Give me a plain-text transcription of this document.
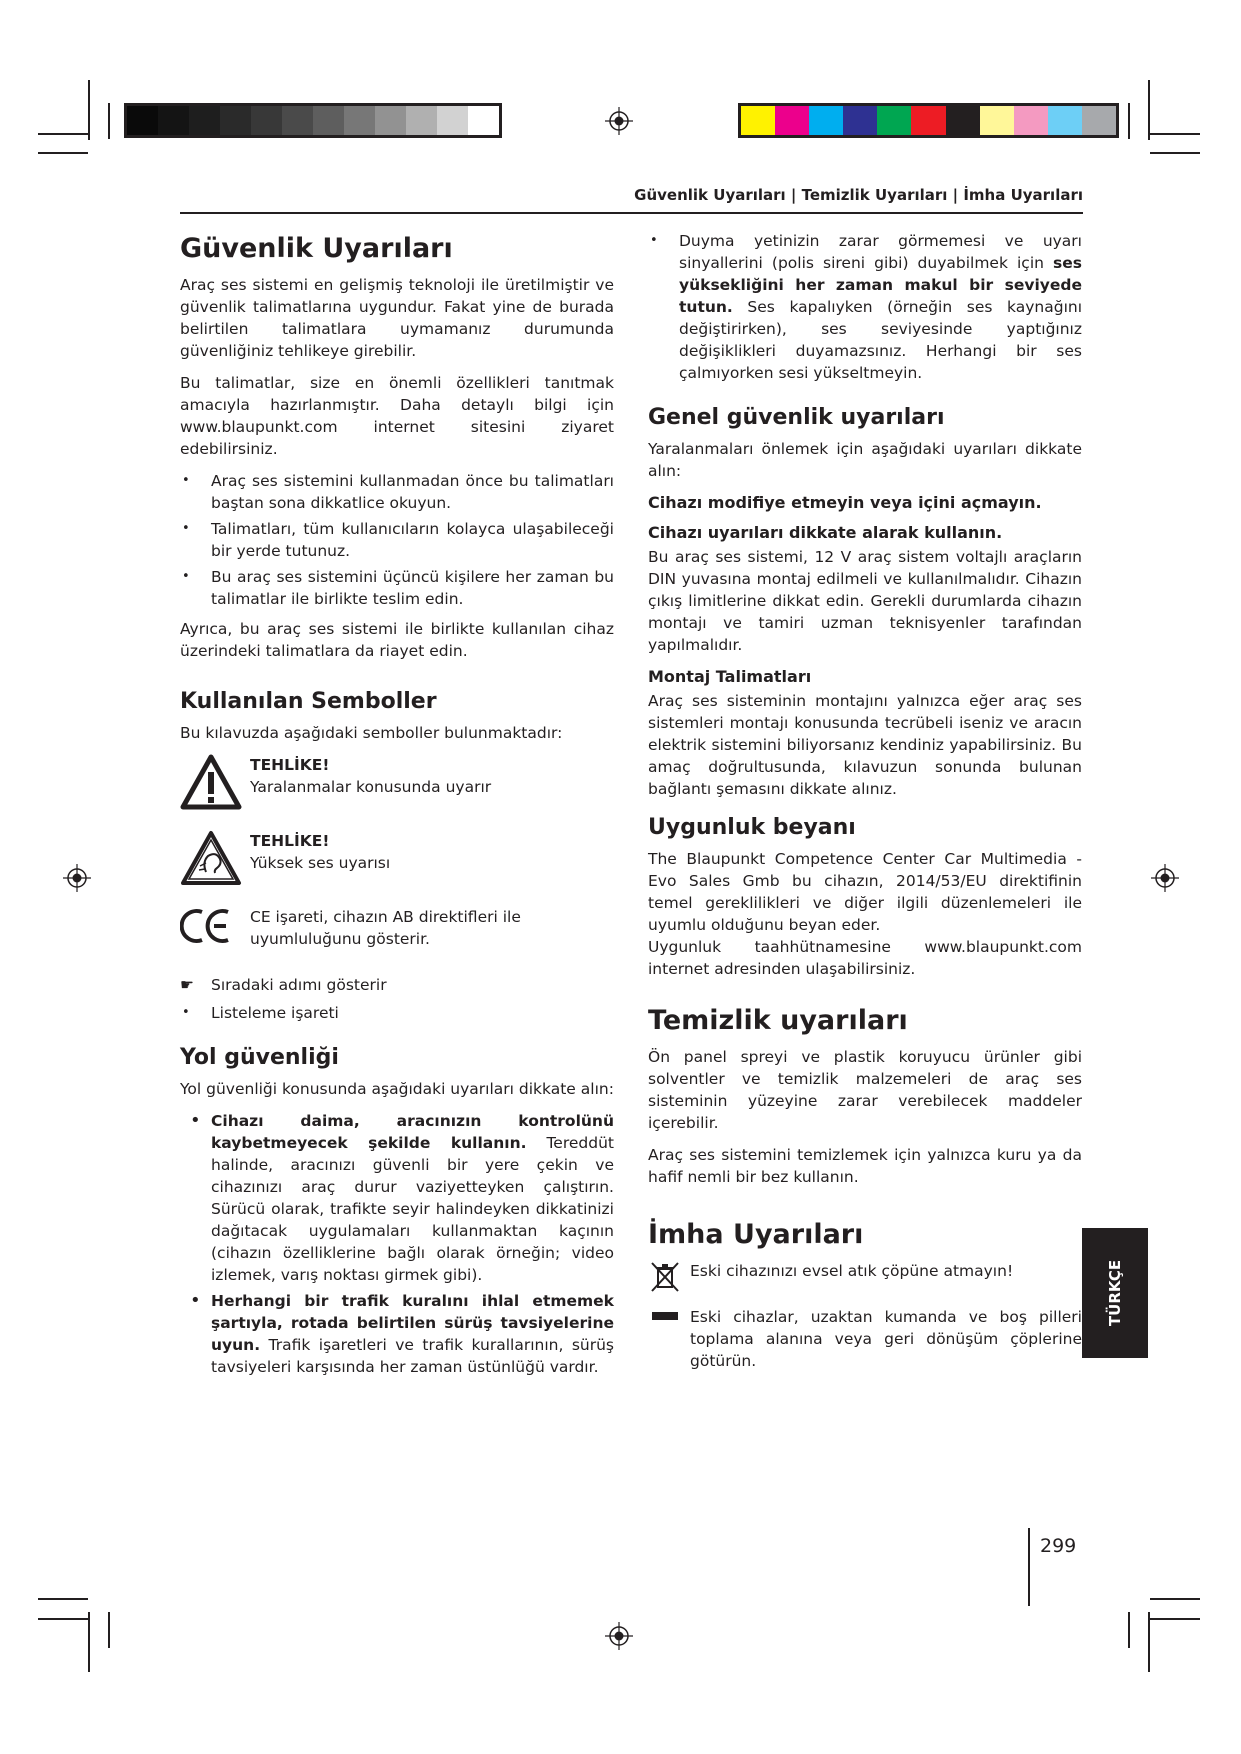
Güvenlik Uyarıları | Temizlik Uyarıları | İmha Uyarıları
Güvenlik Uyarıları

Araç ses sistemi en gelişmiş teknoloji ile üretilmiştir ve güvenlik talimatlarına uygundur. Fakat yine de burada belirtilen talimatlara uymamanız durumunda güvenliğiniz tehlikeye girebilir.

Bu talimatlar, size en önemli özellikleri tanıtmak amacıyla hazırlanmıştır. Daha detaylı bilgi için www.blaupunkt.com internet sitesini ziyaret edebilirsiniz.

• Araç ses sistemini kullanmadan önce bu talimatları baştan sona dikkatlice okuyun.
• Talimatları, tüm kullanıcıların kolayca ulaşabileceği bir yerde tutunuz.
• Bu araç ses sistemini üçüncü kişilere her zaman bu talimatlar ile birlikte teslim edin.

Ayrıca, bu araç ses sistemi ile birlikte kullanılan cihaz üzerindeki talimatlara da riayet edin.

Kullanılan Semboller

Bu kılavuzda aşağıdaki semboller bulunmaktadır:

TEHLİKE!
Yaralanmalar konusunda uyarır
TEHLİKE!
Yüksek ses uyarısı
CE işareti, cihazın AB direktifleri ile uyumluluğunu gösterir.
☛	Sıradaki adımı gösterir
•	Listeleme işareti
Yol güvenliği

Yol güvenliği konusunda aşağıdaki uyarıları dikkate alın:

• Cihazı daima, aracınızın kontrolünü kaybetmeyecek şekilde kullanın. Tereddüt halinde, aracınızı güvenli bir yere çekin ve cihazınızı araç durur vaziyetteyken çalıştırın. Sürücü olarak, trafikte seyir halindeyken dikkatinizi dağıtacak uygulamaları kullanmaktan kaçının (cihazın özelliklerine bağlı olarak örneğin; video izlemek, varış noktası girmek gibi).
• Herhangi bir trafik kuralını ihlal etmemek şartıyla, rotada belirtilen sürüş tavsiyelerine uyun. Trafik işaretleri ve trafik kurallarının, sürüş tavsiyeleri karşısında her zaman üstünlüğü vardır.
• Duyma yetinizin zarar görmemesi ve uyarı sinyallerini (polis sireni gibi) duyabilmek için ses yüksekliğini her zaman makul bir seviyede tutun. Ses kapalıyken (örneğin ses kaynağını değiştirirken), ses seviyesinde yaptığınız değişiklikleri duyamazsınız. Herhangi bir ses çalmıyorken sesi yükseltmeyin.
Genel güvenlik uyarıları

Yaralanmaları önlemek için aşağıdaki uyarıları dikkate alın:

Cihazı modifiye etmeyin veya içini açmayın.
Cihazı uyarıları dikkate alarak kullanın.

Bu araç ses sistemi, 12 V araç sistem voltajlı araçların DIN yuvasına montaj edilmeli ve kullanılmalıdır. Cihazın çıkış limitlerine dikkat edin. Gerekli durumlarda cihazın montajı ve tamiri uzman teknisyenler tarafından yapılmalıdır.

Montaj Talimatları

Araç ses sisteminin montajını yalnızca eğer araç ses sistemleri montajı konusunda tecrübeli iseniz ve aracın elektrik sistemini biliyorsanız kendiniz yapabilirsiniz. Bu amaç doğrultusunda, kılavuzun sonunda bulunan bağlantı şemasını dikkate alınız.

Uygunluk beyanı

The Blaupunkt Competence Center Car Multimedia - Evo Sales Gmb bu cihazın, 2014/53/EU direktifinin temel gereklilikleri ve diğer ilgili düzenlemeleri ile uyumlu olduğunu beyan eder.

Uygunluk taahhütnamesine www.blaupunkt.com internet adresinden ulaşabilirsiniz.

Temizlik uyarıları

Ön panel spreyi ve plastik koruyucu ürünler gibi solventler ve temizlik malzemeleri de araç ses sisteminin yüzeyine zarar verebilecek maddeler içerebilir.

Araç ses sistemini temizlemek için yalnızca kuru ya da hafif nemli bir bez kullanın.

İmha Uyarıları
Eski cihazınızı evsel atık çöpüne atmayın!
Eski cihazlar, uzaktan kumanda ve boş pilleri toplama alanına veya geri dönüşüm çöplerine götürün.
TÜRKÇE
299
